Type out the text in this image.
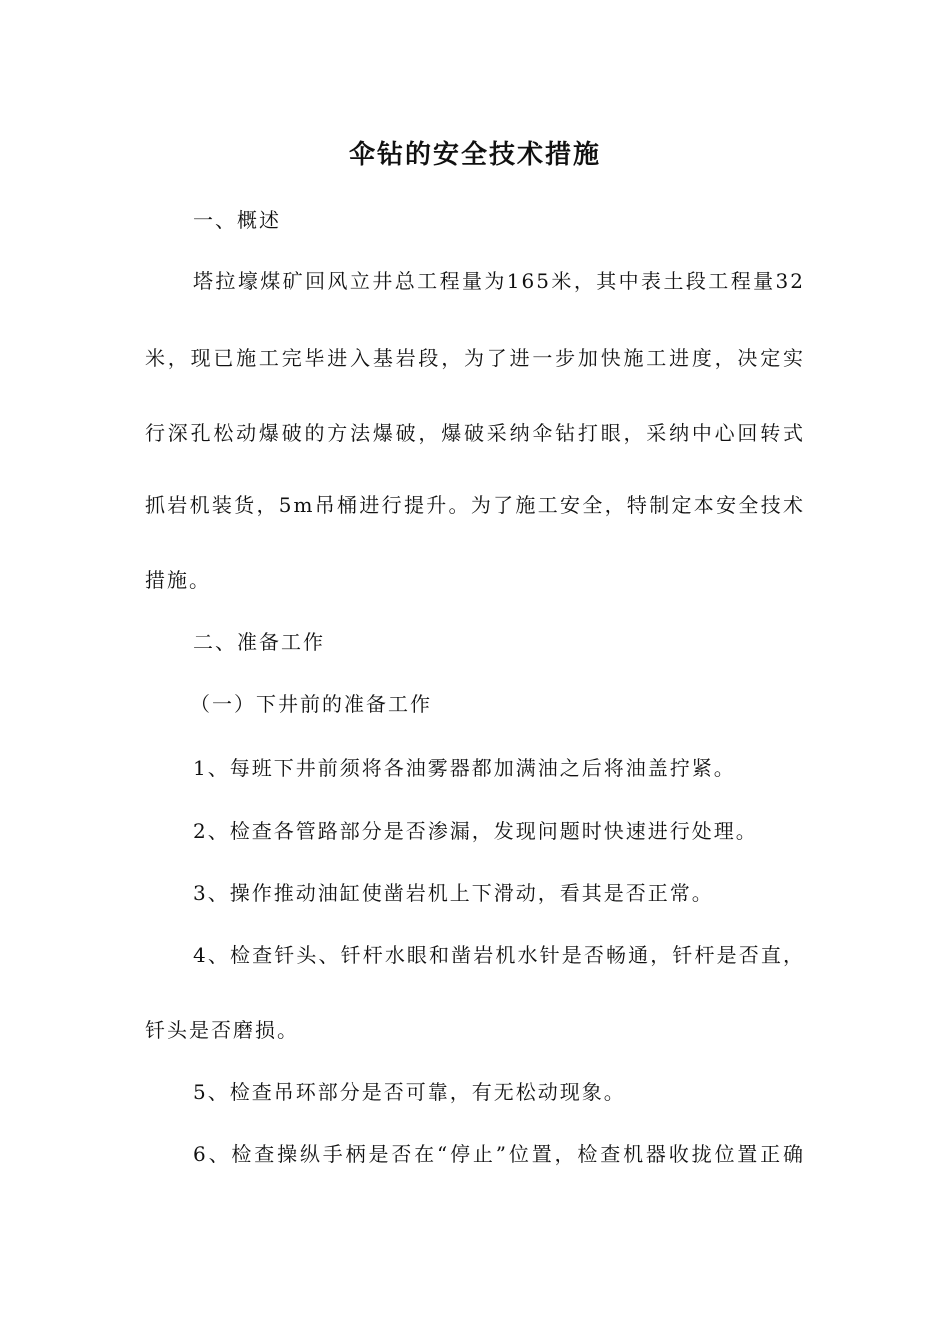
伞钻的安全技术措施
一、概述
塔拉壕煤矿回风立井总工程量为165米，其中表土段工程量32
米，现已施工完毕进入基岩段，为了进一步加快施工进度，决定实
行深孔松动爆破的方法爆破，爆破采纳伞钻打眼，采纳中心回转式
抓岩机装货，5m吊桶进行提升。为了施工安全，特制定本安全技术
措施。
二、准备工作
（一）下井前的准备工作
1、每班下井前须将各油雾器都加满油之后将油盖拧紧。
2、检查各管路部分是否渗漏，发现问题时快速进行处理。
3、操作推动油缸使凿岩机上下滑动，看其是否正常。
4、检查钎头、钎杆水眼和凿岩机水针是否畅通，钎杆是否直，
钎头是否磨损。
5、检查吊环部分是否可靠，有无松动现象。
6、检查操纵手柄是否在“停止”位置，检查机器收拢位置正确
